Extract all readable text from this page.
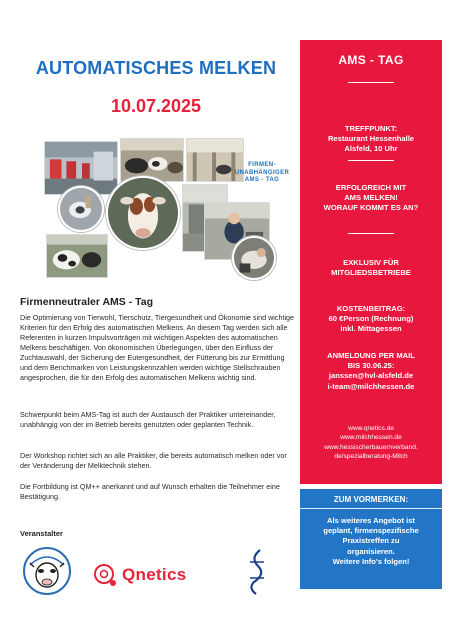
AUTOMATISCHES MELKEN
10.07.2025
FIRMEN-
UNABHÄNGIGER
AMS - TAG
Firmenneutraler AMS - Tag

Die Optimierung von Tierwohl, Tierschutz, Tiergesundheit und Ökonomie sind wichtige Kriterien für den Erfolg des automatischen Melkens. An diesem Tag werden sich alle Referenten in kurzen Impulsvorträgen mit wichtigen Aspekten des automatischen Melkens beschäftigen. Von ökonomischen Überlegungen, über den Einfluss der Zuchtauswahl, der Sicherung der Eutergesundheit, der Fütterung bis zur Ermittlung und dem Benchmarken von Leistungskennzahlen werden wichtige Stellschrauben angesprochen, die für den Erfolg des automatischen Melkens wichtig sind.

Schwerpunkt beim AMS-Tag ist auch der Austausch der Praktiker untereinander, unabhängig von der im Betrieb bereits genutzten oder geplanten Technik.

Der Workshop richtet sich an alle Praktiker, die bereits automatisch melken oder vor der Veränderung der Melktechnik stehen.

Die Fortbildung ist QM++ anerkannt und auf Wunsch erhalten die Teilnehmer eine Bestätigung.

Veranstalter
Qnetics
AMS - TAG
TREFFPUNKT:
Restaurant Hessenhalle
Alsfeld, 10 Uhr
ERFOLGREICH MIT
AMS MELKEN!
WORAUF KOMMT ES AN?
EXKLUSIV FÜR
MITGLIEDSBETRIEBE
KOSTENBEITRAG:
60 €Person (Rechnung)
inkl. Mittagessen
ANMELDUNG PER MAIL
BIS 30.06.25:
janssen@hvl-alsfeld.de
i-team@milchhessen.de
www.qnetics.de
www.milchhessen.de
www.hessischerbauernverband.
de/spezialberatung-Milch
ZUM VORMERKEN:
Als weiteres Angebot ist
geplant, firmenspezifische
Praxistreffen zu
organisieren.
Weitere Info's folgen!
